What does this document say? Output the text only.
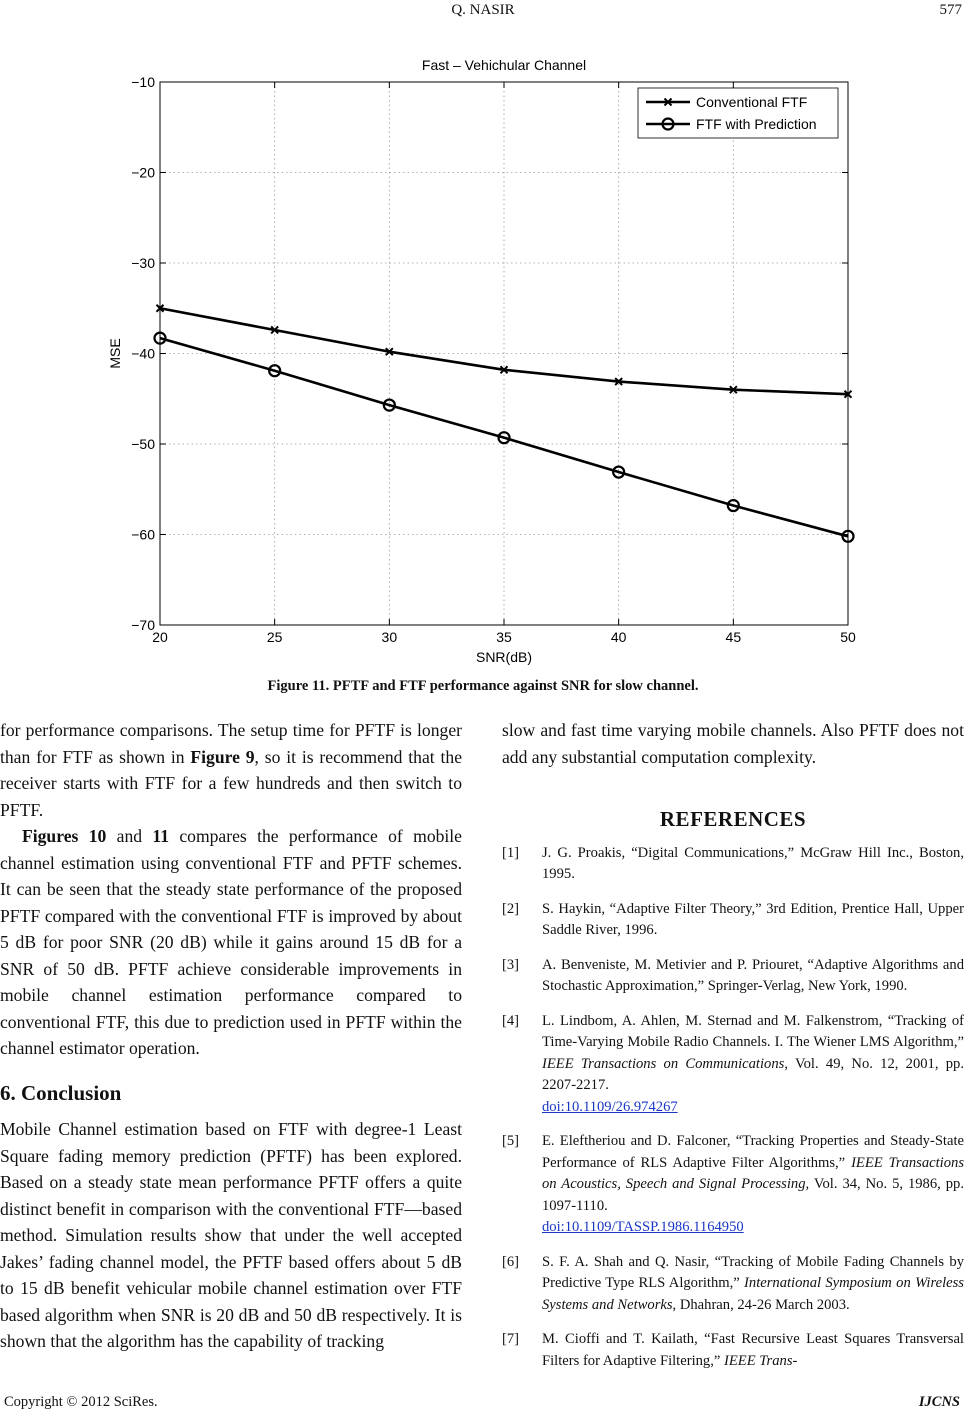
Q. NASIR	577
20	25	30	35	40	45	50
−10
−20
−30
−40
−50
−60
−70
Fast – Vehichular Channel
SNR(dB)
MSE
Conventional FTF
FTF with Prediction
Figure 11. PFTF and FTF performance against SNR for slow channel.

for performance comparisons. The setup time for PFTF is longer than for FTF as shown in Figure 9, so it is recommend that the receiver starts with FTF for a few hundreds and then switch to PFTF.

Figures 10 and 11 compares the performance of mobile channel estimation using conventional FTF and PFTF schemes. It can be seen that the steady state performance of the proposed PFTF compared with the conventional FTF is improved by about 5 dB for poor SNR (20 dB) while it gains around 15 dB for a SNR of 50 dB. PFTF achieve considerable improvements in mobile channel estimation performance compared to conventional FTF, this due to prediction used in PFTF within the channel estimator operation.

6. Conclusion

Mobile Channel estimation based on FTF with degree-1 Least Square fading memory prediction (PFTF) has been explored. Based on a steady state mean performance PFTF offers a quite distinct benefit in comparison with the conventional FTF—based method. Simulation results show that under the well accepted Jakes’ fading channel model, the PFTF based offers about 5 dB to 15 dB benefit vehicular mobile channel estimation over FTF based algorithm when SNR is 20 dB and 50 dB respectively. It is shown that the algorithm has the capability of tracking

slow and fast time varying mobile channels. Also PFTF does not add any substantial computation complexity.

REFERENCES
[1]	J. G. Proakis, “Digital Communications,” McGraw Hill Inc., Boston, 1995.
[2]	S. Haykin, “Adaptive Filter Theory,” 3rd Edition, Prentice Hall, Upper Saddle River, 1996.
[3]	A. Benveniste, M. Metivier and P. Priouret, “Adaptive Algorithms and Stochastic Approximation,” Springer-Verlag, New York, 1990.
[4]	L. Lindbom, A. Ahlen, M. Sternad and M. Falkenstrom, “Tracking of Time-Varying Mobile Radio Channels. I. The Wiener LMS Algorithm,” IEEE Transactions on Communications, Vol. 49, No. 12, 2001, pp. 2207-2217.
doi:10.1109/26.974267
[5]	E. Eleftheriou and D. Falconer, “Tracking Properties and Steady-State Performance of RLS Adaptive Filter Algorithms,” IEEE Transactions on Acoustics, Speech and Signal Processing, Vol. 34, No. 5, 1986, pp. 1097-1110.
doi:10.1109/TASSP.1986.1164950
[6]	S. F. A. Shah and Q. Nasir, “Tracking of Mobile Fading Channels by Predictive Type RLS Algorithm,” International Symposium on Wireless Systems and Networks, Dhahran, 24-26 March 2003.
[7]	M. Cioffi and T. Kailath, “Fast Recursive Least Squares Transversal Filters for Adaptive Filtering,” IEEE Trans-
Copyright © 2012 SciRes.	IJCNS
